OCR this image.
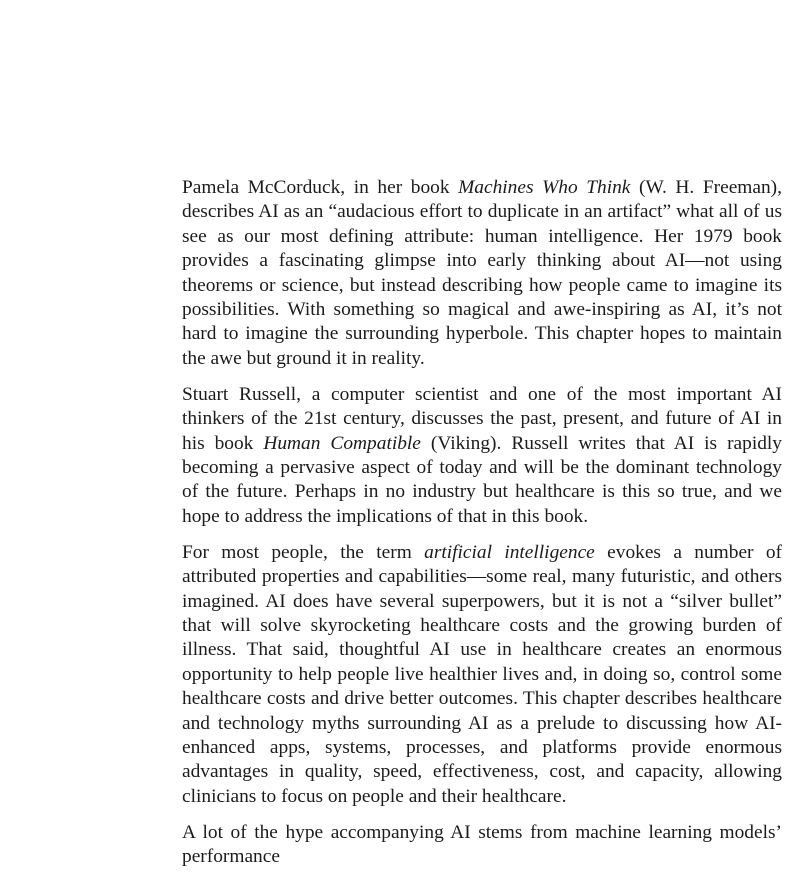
Pamela McCorduck, in her book Machines Who Think (W. H. Freeman), describes AI as an “audacious effort to duplicate in an artifact” what all of us see as our most defining attribute: human intelligence. Her 1979 book provides a fascinating glimpse into early thinking about AI—not using theorems or science, but instead describing how people came to imagine its possibilities. With something so magical and awe-inspiring as AI, it’s not hard to imagine the surrounding hyperbole. This chapter hopes to maintain the awe but ground it in reality.

Stuart Russell, a computer scientist and one of the most important AI thinkers of the 21st century, discusses the past, present, and future of AI in his book Human Compatible (Viking). Russell writes that AI is rapidly becoming a pervasive aspect of today and will be the dominant technology of the future. Perhaps in no industry but healthcare is this so true, and we hope to address the implications of that in this book.

For most people, the term artificial intelligence evokes a number of attributed properties and capabilities—some real, many futuristic, and others imagined. AI does have several superpowers, but it is not a “silver bullet” that will solve skyrocketing healthcare costs and the growing burden of illness. That said, thoughtful AI use in healthcare creates an enormous opportunity to help people live healthier lives and, in doing so, control some healthcare costs and drive better outcomes. This chapter describes healthcare and technology myths surrounding AI as a prelude to discussing how AI-enhanced apps, systems, processes, and platforms provide enormous advantages in quality, speed, effectiveness, cost, and capacity, allowing clinicians to focus on people and their healthcare.

A lot of the hype accompanying AI stems from machine learning models’ performance
